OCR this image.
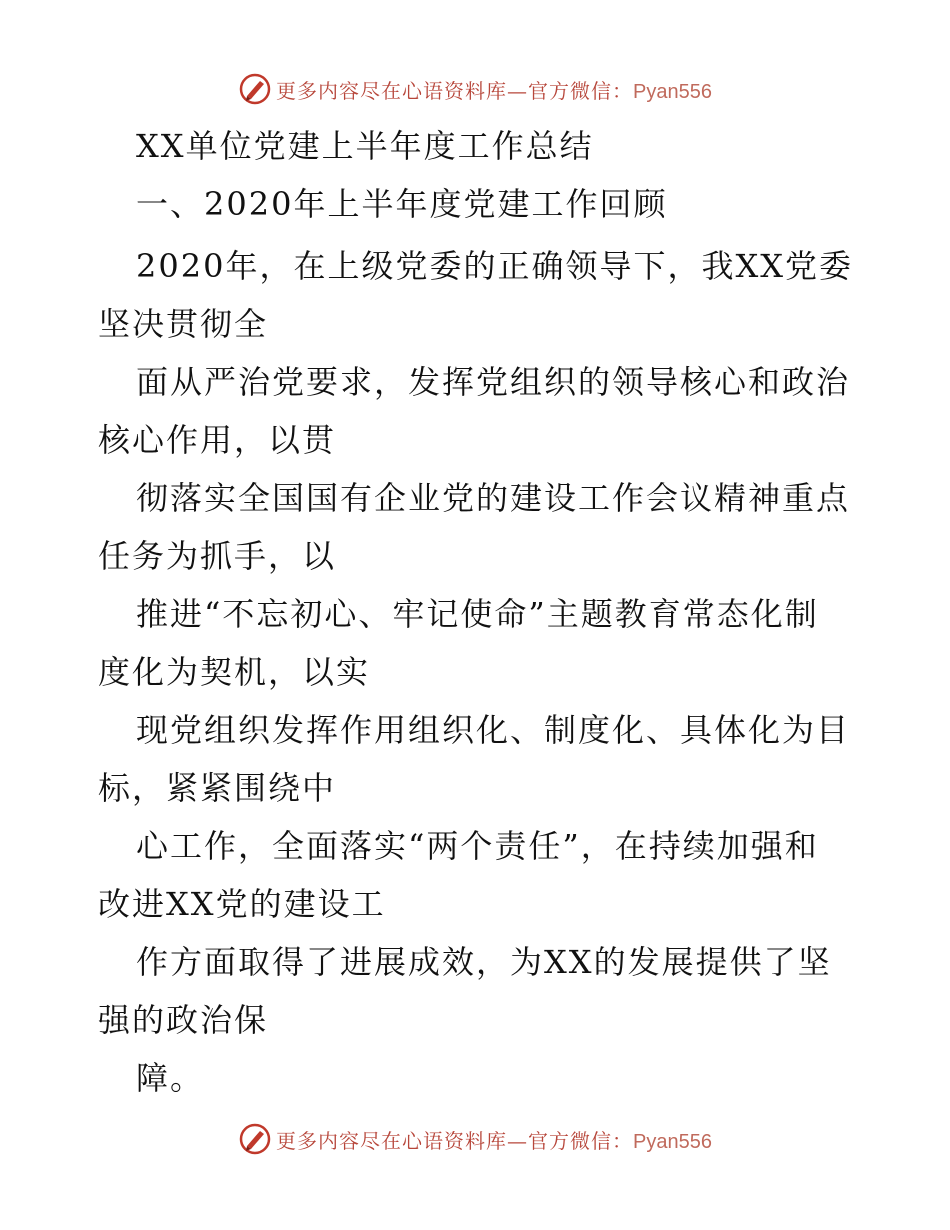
更多内容尽在心语资料库—官方微信：Pyan556
XX单位党建上半年度工作总结
一、2020年上半年度党建工作回顾
2020年，在上级党委的正确领导下，我XX党委
坚决贯彻全
面从严治党要求，发挥党组织的领导核心和政治
核心作用，以贯
彻落实全国国有企业党的建设工作会议精神重点
任务为抓手，以
推进“不忘初心、牢记使命”主题教育常态化制
度化为契机，以实
现党组织发挥作用组织化、制度化、具体化为目
标，紧紧围绕中
心工作，全面落实“两个责任”，在持续加强和
改进XX党的建设工
作方面取得了进展成效，为XX的发展提供了坚
强的政治保
障。
更多内容尽在心语资料库—官方微信：Pyan556
